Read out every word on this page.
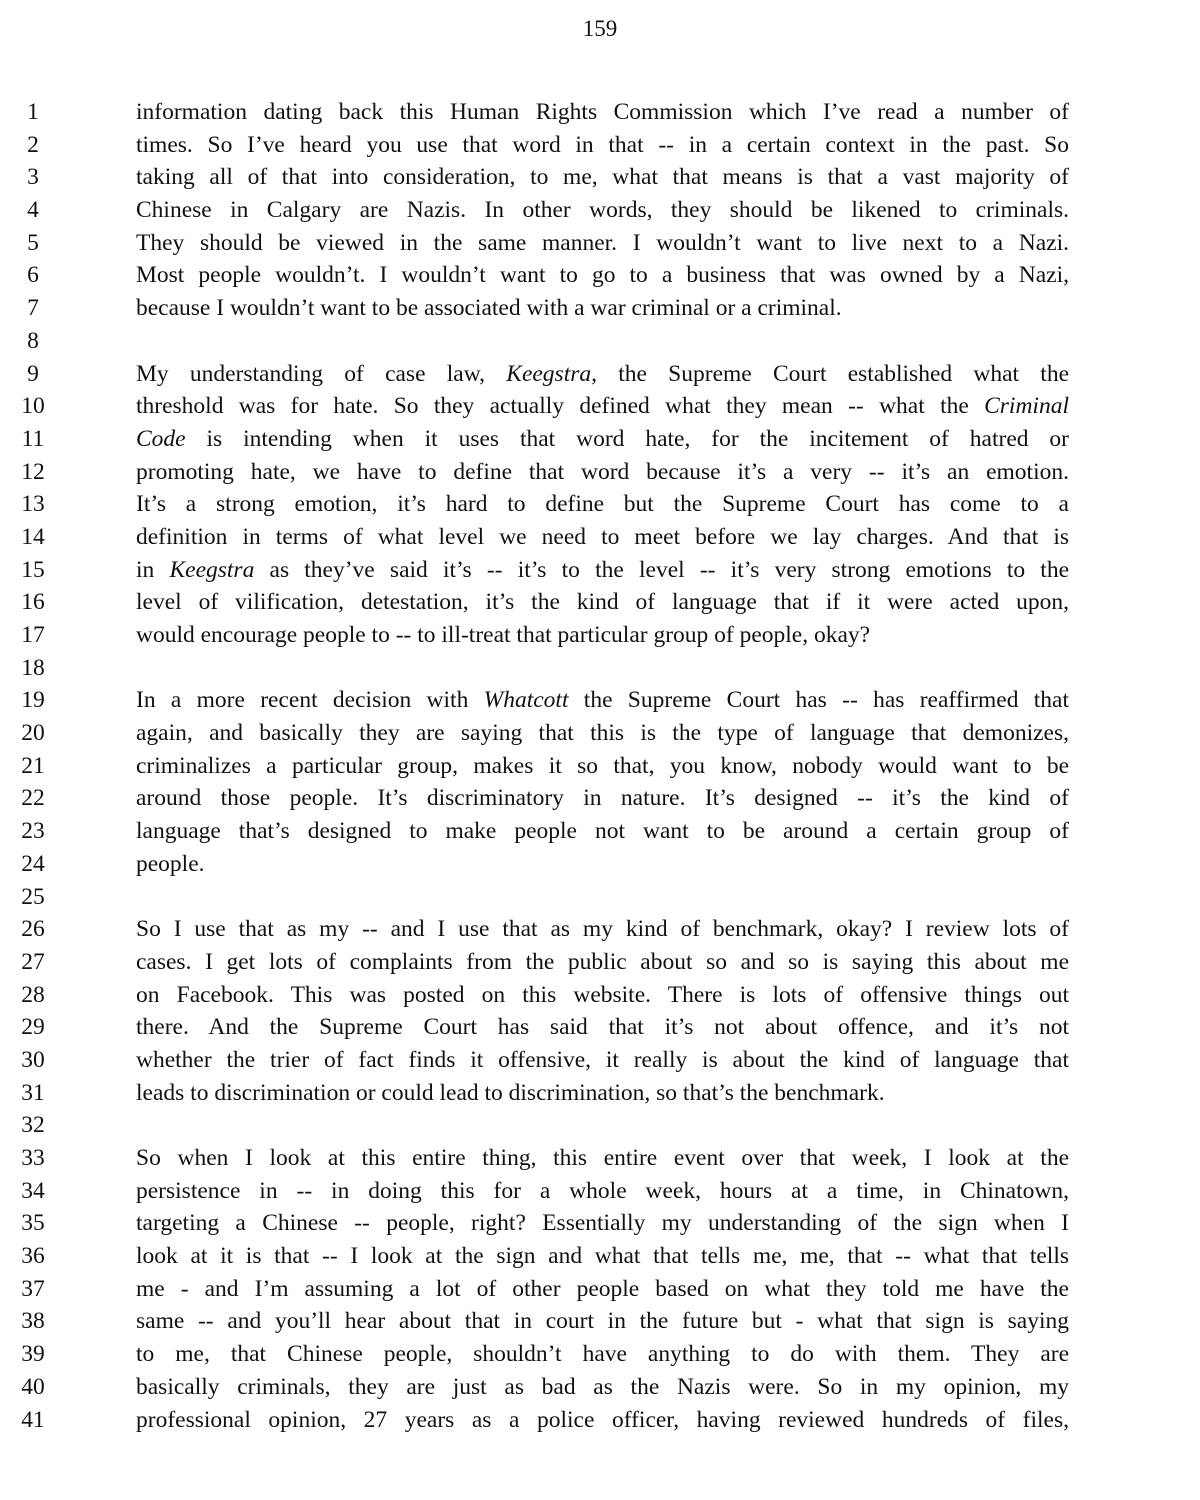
159
1	information dating back this Human Rights Commission which I’ve read a number of
2	times. So I’ve heard you use that word in that -- in a certain context in the past. So
3	taking all of that into consideration, to me, what that means is that a vast majority of
4	Chinese in Calgary are Nazis. In other words, they should be likened to criminals.
5	They should be viewed in the same manner. I wouldn’t want to live next to a Nazi.
6	Most people wouldn’t. I wouldn’t want to go to a business that was owned by a Nazi,
7	because I wouldn’t want to be associated with a war criminal or a criminal.
8
9	My understanding of case law, Keegstra, the Supreme Court established what the
10	threshold was for hate. So they actually defined what they mean -- what the Criminal
11	Code is intending when it uses that word hate, for the incitement of hatred or
12	promoting hate, we have to define that word because it’s a very -- it’s an emotion.
13	It’s a strong emotion, it’s hard to define but the Supreme Court has come to a
14	definition in terms of what level we need to meet before we lay charges. And that is
15	in Keegstra as they’ve said it’s -- it’s to the level -- it’s very strong emotions to the
16	level of vilification, detestation, it’s the kind of language that if it were acted upon,
17	would encourage people to -- to ill-treat that particular group of people, okay?
18
19	In a more recent decision with Whatcott the Supreme Court has -- has reaffirmed that
20	again, and basically they are saying that this is the type of language that demonizes,
21	criminalizes a particular group, makes it so that, you know, nobody would want to be
22	around those people. It’s discriminatory in nature. It’s designed -- it’s the kind of
23	language that’s designed to make people not want to be around a certain group of
24	people.
25
26	So I use that as my -- and I use that as my kind of benchmark, okay? I review lots of
27	cases. I get lots of complaints from the public about so and so is saying this about me
28	on Facebook. This was posted on this website. There is lots of offensive things out
29	there. And the Supreme Court has said that it’s not about offence, and it’s not
30	whether the trier of fact finds it offensive, it really is about the kind of language that
31	leads to discrimination or could lead to discrimination, so that’s the benchmark.
32
33	So when I look at this entire thing, this entire event over that week, I look at the
34	persistence in -- in doing this for a whole week, hours at a time, in Chinatown,
35	targeting a Chinese -- people, right? Essentially my understanding of the sign when I
36	look at it is that -- I look at the sign and what that tells me, me, that -- what that tells
37	me - and I’m assuming a lot of other people based on what they told me have the
38	same -- and you’ll hear about that in court in the future but - what that sign is saying
39	to me, that Chinese people, shouldn’t have anything to do with them. They are
40	basically criminals, they are just as bad as the Nazis were. So in my opinion, my
41	professional opinion, 27 years as a police officer, having reviewed hundreds of files,
